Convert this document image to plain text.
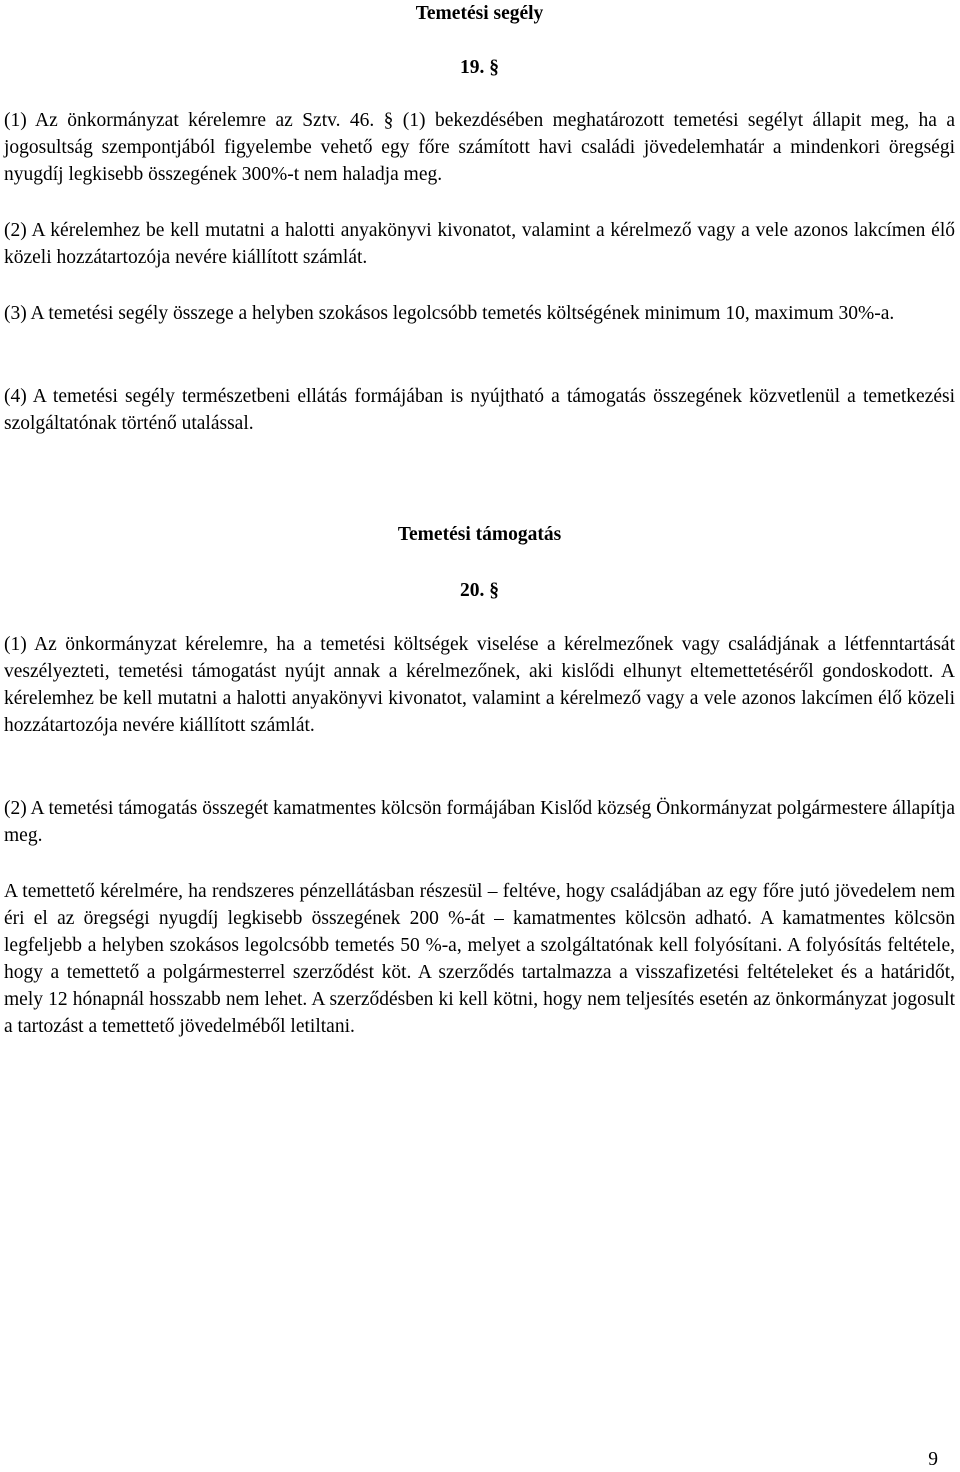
Temetési segély

19. §

(1) Az önkormányzat kérelemre az Sztv. 46. § (1) bekezdésében meghatározott temetési segélyt állapit meg, ha a jogosultság szempontjából figyelembe vehető egy főre számított havi családi jövedelemhatár a mindenkori öregségi nyugdíj legkisebb összegének 300%-t nem haladja meg.

(2) A kérelemhez be kell mutatni a halotti anyakönyvi kivonatot, valamint a kérelmező vagy a vele azonos lakcímen élő közeli hozzátartozója nevére kiállított számlát.

(3) A temetési segély összege a helyben szokásos legolcsóbb temetés költségének minimum 10, maximum 30%-a.

(4) A temetési segély természetbeni ellátás formájában is nyújtható a támogatás összegének közvetlenül a temetkezési szolgáltatónak történő utalással.

Temetési támogatás

20. §

(1) Az önkormányzat kérelemre, ha a temetési költségek viselése a kérelmezőnek vagy családjának a létfenntartását veszélyezteti, temetési támogatást nyújt annak a kérelmezőnek, aki kislődi elhunyt eltemettetéséről gondoskodott. A kérelemhez be kell mutatni a halotti anyakönyvi kivonatot, valamint a kérelmező vagy a vele azonos lakcímen élő közeli hozzátartozója nevére kiállított számlát.

(2) A temetési támogatás összegét kamatmentes kölcsön formájában Kislőd község Önkormányzat polgármestere állapítja meg.

A temettető kérelmére, ha rendszeres pénzellátásban részesül – feltéve, hogy családjában az egy főre jutó jövedelem nem éri el az öregségi nyugdíj legkisebb összegének 200 %-át – kamatmentes kölcsön adható. A kamatmentes kölcsön legfeljebb a helyben szokásos legolcsóbb temetés 50 %-a, melyet a szolgáltatónak kell folyósítani. A folyósítás feltétele, hogy a temettető a polgármesterrel szerződést köt. A szerződés tartalmazza a visszafizetési feltételeket és a határidőt, mely 12 hónapnál hosszabb nem lehet. A szerződésben ki kell kötni, hogy nem teljesítés esetén az önkormányzat jogosult a tartozást a temettető jövedelméből letiltani.

9
